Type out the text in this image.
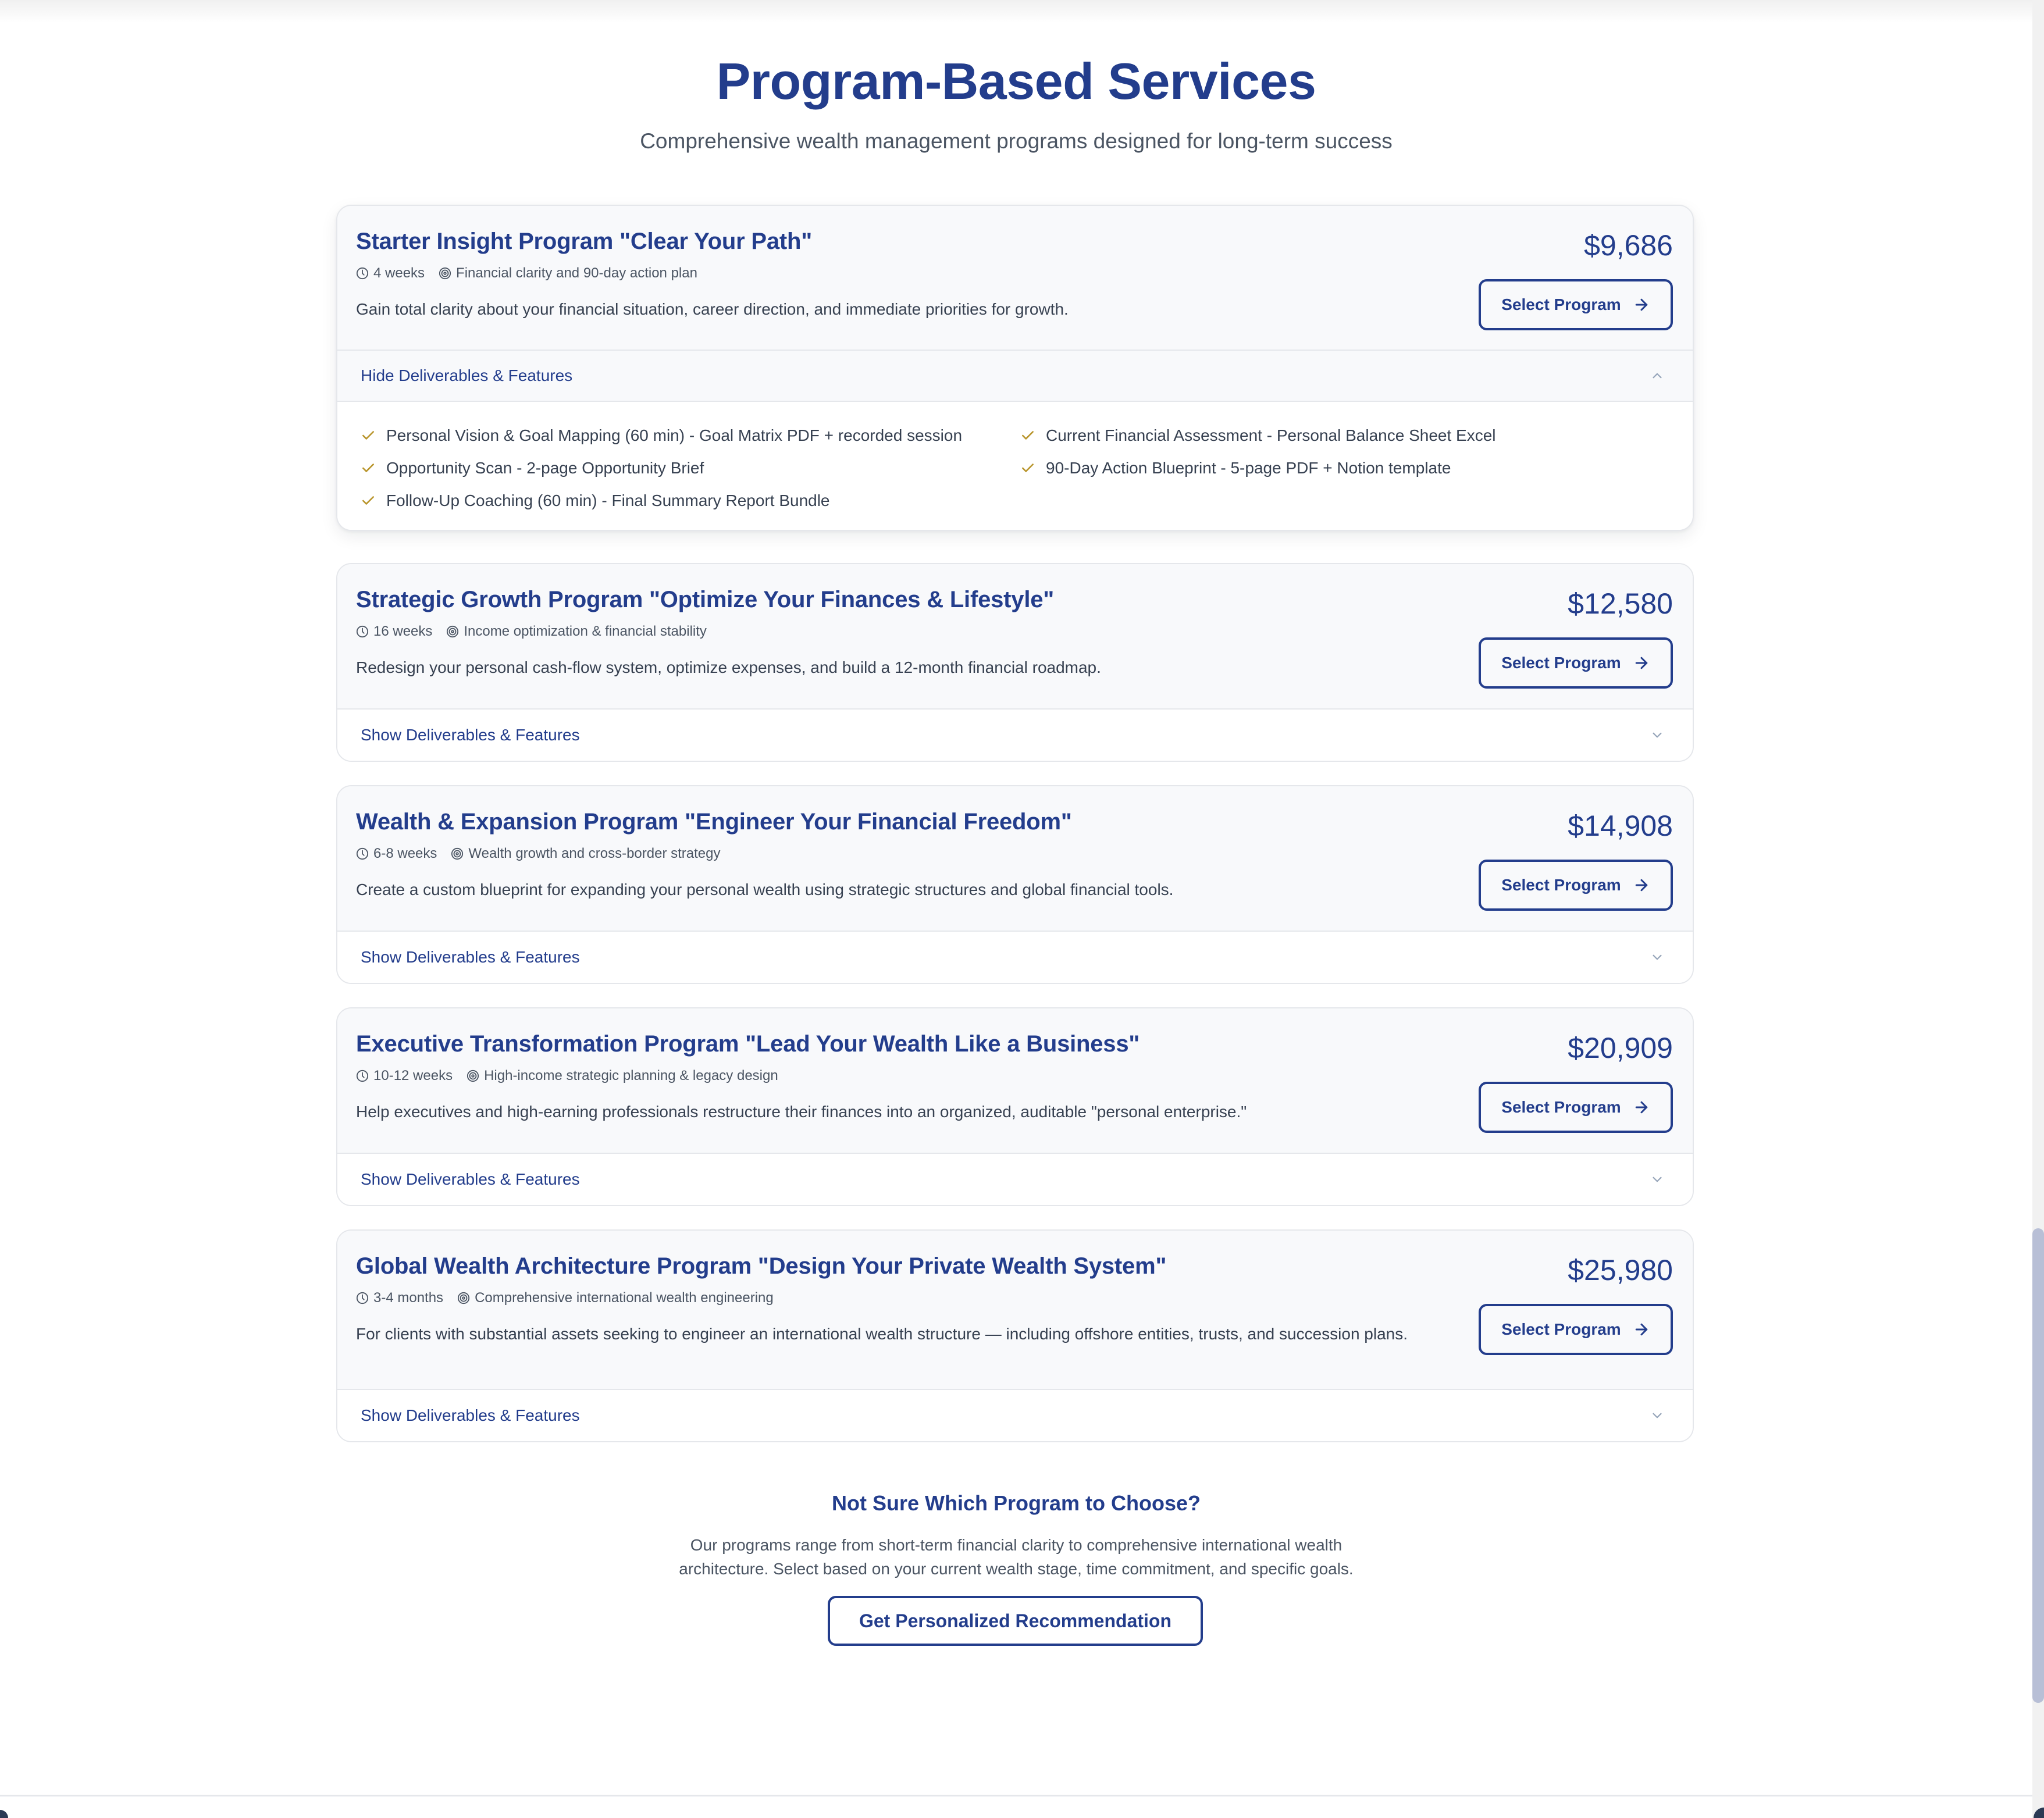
Program-Based Services

Comprehensive wealth management programs designed for long-term success

Starter Insight Program "Clear Your Path"
4 weeks Financial clarity and 90-day action plan
Gain total clarity about your financial situation, career direction, and immediate priorities for growth.
$9,686
Select Program
Hide Deliverables & Features
Personal Vision & Goal Mapping (60 min) - Goal Matrix PDF + recorded session	Current Financial Assessment - Personal Balance Sheet Excel
Opportunity Scan - 2-page Opportunity Brief	90-Day Action Blueprint - 5-page PDF + Notion template
Follow-Up Coaching (60 min) - Final Summary Report Bundle
Strategic Growth Program "Optimize Your Finances & Lifestyle"
16 weeks Income optimization & financial stability
Redesign your personal cash-flow system, optimize expenses, and build a 12-month financial roadmap.
$12,580
Select Program
Show Deliverables & Features
Wealth & Expansion Program "Engineer Your Financial Freedom"
6-8 weeks Wealth growth and cross-border strategy
Create a custom blueprint for expanding your personal wealth using strategic structures and global financial tools.
$14,908
Select Program
Show Deliverables & Features
Executive Transformation Program "Lead Your Wealth Like a Business"
10-12 weeks High-income strategic planning & legacy design
Help executives and high-earning professionals restructure their finances into an organized, auditable "personal enterprise."
$20,909
Select Program
Show Deliverables & Features
Global Wealth Architecture Program "Design Your Private Wealth System"
3-4 months Comprehensive international wealth engineering
For clients with substantial assets seeking to engineer an international wealth structure — including offshore entities, trusts, and succession plans.
$25,980
Select Program
Show Deliverables & Features
Not Sure Which Program to Choose?

Our programs range from short-term financial clarity to comprehensive international wealth architecture. Select based on your current wealth stage, time commitment, and specific goals.

Get Personalized Recommendation
